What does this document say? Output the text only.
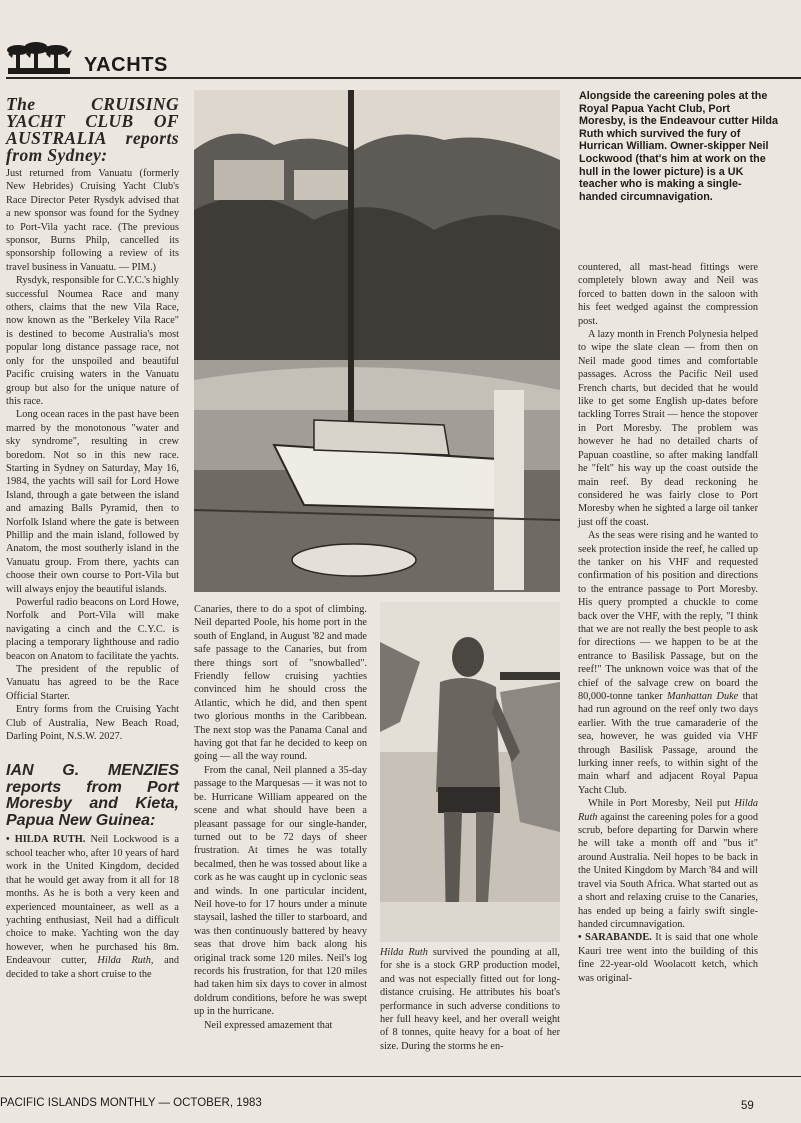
YACHTS
The CRUISING YACHT CLUB OF AUSTRALIA reports from Sydney:

Just returned from Vanuatu (formerly New Hebrides) Cruising Yacht Club's Race Director Peter Rysdyk advised that a new sponsor was found for the Sydney to Port-Vila yacht race. (The previous sponsor, Burns Philp, cancelled its sponsorship following a review of its travel business in Vanuatu. — PIM.)

Rysdyk, responsible for C.Y.C.'s highly successful Noumea Race and many others, claims that the new Vila Race, now known as the "Berkeley Vila Race" is destined to become Australia's most popular long distance passage race, not only for the unspoiled and beautiful Pacific cruising waters in the Vanuatu group but also for the unique nature of this race.

Long ocean races in the past have been marred by the monotonous "water and sky syndrome", resulting in crew boredom. Not so in this new race. Starting in Sydney on Saturday, May 16, 1984, the yachts will sail for Lord Howe Island, through a gate between the island and amazing Balls Pyramid, then to Norfolk Island where the gate is between Phillip and the main island, followed by Anatom, the most southerly island in the Vanuatu group. From there, yachts can choose their own course to Port-Vila but will always enjoy the beautiful islands.

Powerful radio beacons on Lord Howe, Norfolk and Port-Vila will make navigating a cinch and the C.Y.C. is placing a temporary lighthouse and radio beacon on Anatom to facilitate the yachts.

The president of the republic of Vanuatu has agreed to be the Race Official Starter.

Entry forms from the Cruising Yacht Club of Australia, New Beach Road, Darling Point, N.S.W. 2027.

IAN G. MENZIES reports from Port Moresby and Kieta, Papua New Guinea:

• HILDA RUTH. Neil Lockwood is a school teacher who, after 10 years of hard work in the United Kingdom, decided that he would get away from it all for 18 months. As he is both a very keen and experienced mountaineer, as well as a yachting enthusiast, Neil had a difficult choice to make. Yachting won the day however, when he purchased his 8m. Endeavour cutter, Hilda Ruth, and decided to take a short cruise to the

Canaries, there to do a spot of climbing. Neil departed Poole, his home port in the south of England, in August '82 and made safe passage to the Canaries, but from there things sort of "snowballed". Friendly fellow cruising yachties convinced him he should cross the Atlantic, which he did, and then spent two glorious months in the Caribbean. The next stop was the Panama Canal and having got that far he decided to keep on going — all the way round.

From the canal, Neil planned a 35-day passage to the Marquesas — it was not to be. Hurricane William appeared on the scene and what should have been a pleasant passage for our single-hander, turned out to be 72 days of sheer frustration. At times he was totally becalmed, then he was tossed about like a cork as he was caught up in cyclonic seas and winds. In one particular incident, Neil hove-to for 17 hours under a minute staysail, lashed the tiller to starboard, and was then continuously battered by heavy seas that drove him back along his original track some 120 miles. Neil's log records his frustration, for that 120 miles had taken him six days to cover in almost doldrum conditions, before he was swept up in the hurricane.

Neil expressed amazement that

Alongside the careening poles at the Royal Papua Yacht Club, Port Moresby, is the Endeavour cutter Hilda Ruth which survived the fury of Hurrican William. Owner-skipper Neil Lockwood (that's him at work on the hull in the lower picture) is a UK teacher who is making a single-handed circumnavigation.

Hilda Ruth survived the pounding at all, for she is a stock GRP production model, and was not especially fitted out for long-distance cruising. He attributes his boat's performance in such adverse conditions to her full heavy keel, and her overall weight of 8 tonnes, quite heavy for a boat of her size. During the storms he en-

countered, all mast-head fittings were completely blown away and Neil was forced to batten down in the saloon with his feet wedged against the compression post.

A lazy month in French Polynesia helped to wipe the slate clean — from then on Neil made good times and comfortable passages. Across the Pacific Neil used French charts, but decided that he would like to get some English up-dates before tackling Torres Strait — hence the stopover in Port Moresby. The problem was however he had no detailed charts of Papuan coastline, so after making landfall he "felt" his way up the coast outside the main reef. By dead reckoning he considered he was fairly close to Port Moresby when he sighted a large oil tanker just off the coast.

As the seas were rising and he wanted to seek protection inside the reef, he called up the tanker on his VHF and requested confirmation of his position and directions to the entrance passage to Port Moresby. His query prompted a chuckle to come back over the VHF, with the reply, "I think that we are not really the best people to ask for directions — we happen to be at the entrance to Basilisk Passage, but on the reef!" The unknown voice was that of the chief of the salvage crew on board the 80,000-tonne tanker Manhattan Duke that had run aground on the reef only two days earlier. With the true camaraderie of the sea, however, he was guided via VHF through Basilisk Passage, around the lurking inner reefs, to within sight of the main wharf and adjacent Royal Papua Yacht Club.

While in Port Moresby, Neil put Hilda Ruth against the careening poles for a good scrub, before departing for Darwin where he will take a month off and "bus it" around Australia. Neil hopes to be back in the United Kingdom by March '84 and will travel via South Africa. What started out as a short and relaxing cruise to the Canaries, has ended up being a fairly swift single-handed circumnavigation.

• SARABANDE. It is said that one whole Kauri tree went into the building of this fine 22-year-old Woolacott ketch, which was original-

PACIFIC ISLANDS MONTHLY — OCTOBER, 1983	59
